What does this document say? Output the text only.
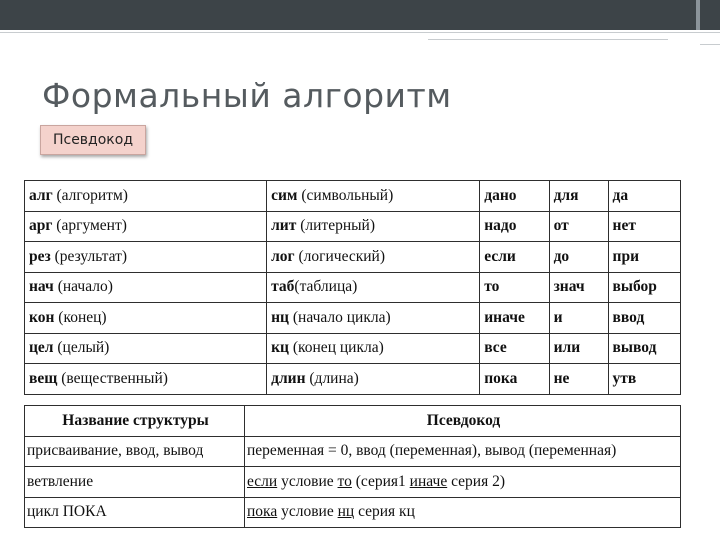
Формальный алгоритм
Псевдокод
алг (алгоритм)	сим (символьный)	дано	для	да
арг (аргумент)	лит (литерный)	надо	от	нет
рез (результат)	лог (логический)	если	до	при
нач (начало)	таб(таблица)	то	знач	выбор
кон (конец)	нц (начало цикла)	иначе	и	ввод
цел (целый)	кц (конец цикла)	все	или	вывод
вещ (вещественный)	длин (длина)	пока	не	утв
Название структуры	Псевдокод
присваивание, ввод, вывод	переменная = 0, ввод (переменная), вывод (переменная)
ветвление	если условие то (серия1 иначе серия 2)
цикл ПОКА	пока условие нц серия кц
